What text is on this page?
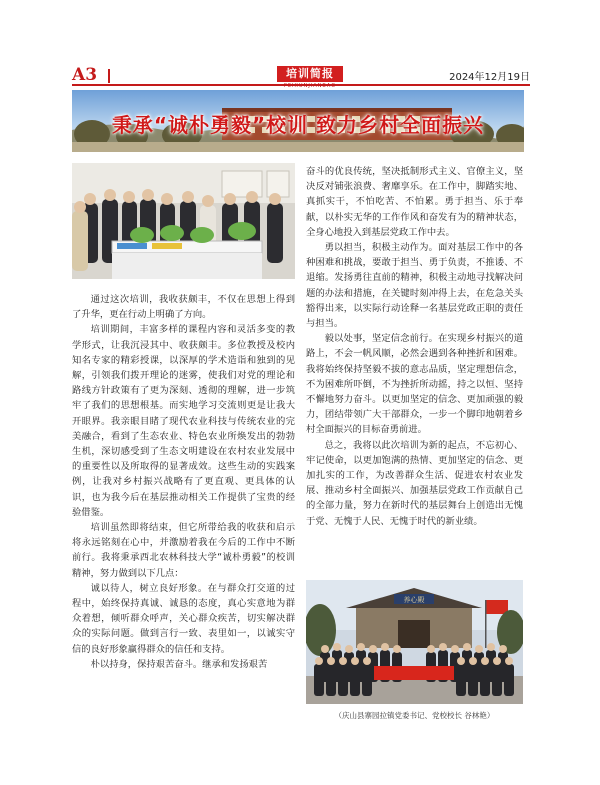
A3	培训简报
PEIXUNJIANBAO
2024年12月19日
秉承“诚朴勇毅”校训 致力乡村全面振兴

通过这次培训，我收获颇丰，不仅在思想上得到了升华，更在行动上明确了方向。

培训期间，丰富多样的课程内容和灵活多变的教学形式，让我沉浸其中、收获颇丰。多位教授及校内知名专家的精彩授课，以深厚的学术造诣和独到的见解，引领我们拨开理论的迷雾，使我们对党的理论和路线方针政策有了更为深刻、透彻的理解，进一步筑牢了我们的思想根基。而实地学习交流则更是让我大开眼界。我亲眼目睹了现代农业科技与传统农业的完美融合，看到了生态农业、特色农业所焕发出的勃勃生机，深切感受到了生态文明建设在农村农业发展中的重要性以及所取得的显著成效。这些生动的实践案例，让我对乡村振兴战略有了更直观、更具体的认识，也为我今后在基层推动相关工作提供了宝贵的经验借鉴。

培训虽然即将结束，但它所带给我的收获和启示将永远铭刻在心中，并激励着我在今后的工作中不断前行。我将秉承西北农林科技大学“诚朴勇毅”的校训精神，努力做到以下几点：

诚以待人，树立良好形象。在与群众打交道的过程中，始终保持真诚、诚恳的态度，真心实意地为群众着想，倾听群众呼声，关心群众疾苦，切实解决群众的实际问题。做到言行一致、表里如一，以诚实守信的良好形象赢得群众的信任和支持。

朴以持身，保持艰苦奋斗。继承和发扬艰苦

奋斗的优良传统，坚决抵制形式主义、官僚主义，坚决反对铺张浪费、奢靡享乐。在工作中，脚踏实地、真抓实干，不怕吃苦、不怕累。勇于担当、乐于奉献，以朴实无华的工作作风和奋发有为的精神状态，全身心地投入到基层党政工作中去。

勇以担当，积极主动作为。面对基层工作中的各种困难和挑战，要敢于担当、勇于负责，不推诿、不退缩。发扬勇往直前的精神，积极主动地寻找解决问题的办法和措施，在关键时刻冲得上去，在危急关头豁得出来，以实际行动诠释一名基层党政正职的责任与担当。

毅以处事，坚定信念前行。在实现乡村振兴的道路上，不会一帆风顺，必然会遇到各种挫折和困难。我将始终保持坚毅不拔的意志品质，坚定理想信念，不为困难所吓倒，不为挫折所动摇，持之以恒、坚持不懈地努力奋斗。以更加坚定的信念、更加顽强的毅力，团结带领广大干部群众，一步一个脚印地朝着乡村全面振兴的目标奋勇前进。

总之，我将以此次培训为新的起点，不忘初心、牢记使命，以更加饱满的热情、更加坚定的信念、更加扎实的工作，为改善群众生活、促进农村农业发展、推动乡村全面振兴、加强基层党政工作贡献自己的全部力量，努力在新时代的基层舞台上创造出无愧于党、无愧于人民、无愧于时代的新业绩。

养心殿
（庆山县寨园拉镇党委书记、党校校长 谷林艳）
